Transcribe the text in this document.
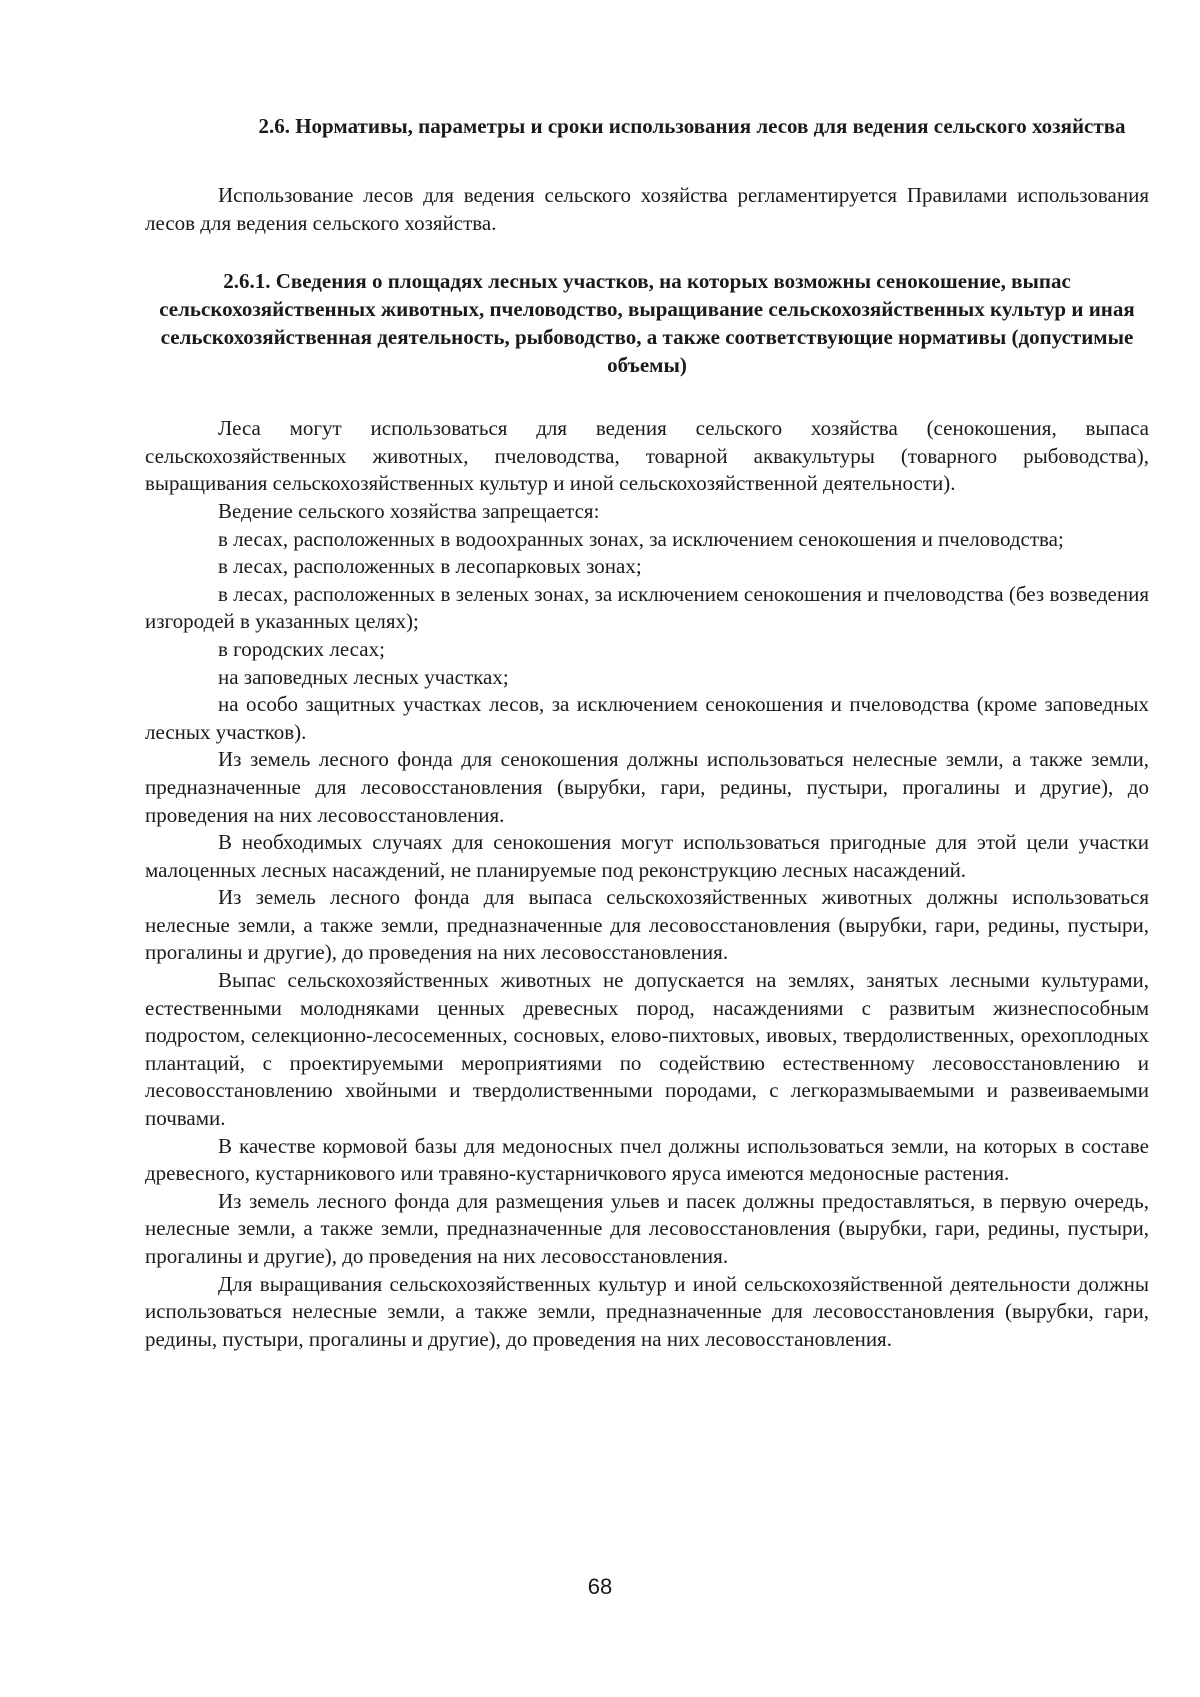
2.6. Нормативы, параметры и сроки использования лесов для ведения сельского хозяйства

Использование лесов для ведения сельского хозяйства регламентируется Правилами использования лесов для ведения сельского хозяйства.

2.6.1. Сведения о площадях лесных участков, на которых возможны сенокошение, выпас сельскохозяйственных животных, пчеловодство, выращивание сельскохозяйственных культур и иная сельскохозяйственная деятельность, рыбоводство, а также соответствующие нормативы (допустимые объемы)

Леса могут использоваться для ведения сельского хозяйства (сенокошения, выпаса сельскохозяйственных животных, пчеловодства, товарной аквакультуры (товарного рыбоводства), выращивания сельскохозяйственных культур и иной сельскохозяйственной деятельности).

Ведение сельского хозяйства запрещается:

в лесах, расположенных в водоохранных зонах, за исключением сенокошения и пчеловодства;

в лесах, расположенных в лесопарковых зонах;

в лесах, расположенных в зеленых зонах, за исключением сенокошения и пчеловодства (без возведения изгородей в указанных целях);

в городских лесах;

на заповедных лесных участках;

на особо защитных участках лесов, за исключением сенокошения и пчеловодства (кроме заповедных лесных участков).

Из земель лесного фонда для сенокошения должны использоваться нелесные земли, а также земли, предназначенные для лесовосстановления (вырубки, гари, редины, пустыри, прогалины и другие), до проведения на них лесовосстановления.

В необходимых случаях для сенокошения могут использоваться пригодные для этой цели участки малоценных лесных насаждений, не планируемые под реконструкцию лесных насаждений.

Из земель лесного фонда для выпаса сельскохозяйственных животных должны использоваться нелесные земли, а также земли, предназначенные для лесовосстановления (вырубки, гари, редины, пустыри, прогалины и другие), до проведения на них лесовосстановления.

Выпас сельскохозяйственных животных не допускается на землях, занятых лесными культурами, естественными молодняками ценных древесных пород, насаждениями с развитым жизнеспособным подростом, селекционно-лесосеменных, сосновых, елово-пихтовых, ивовых, твердолиственных, орехоплодных плантаций, с проектируемыми мероприятиями по содействию естественному лесовосстановлению и лесовосстановлению хвойными и твердолиственными породами, с легкоразмываемыми и развеиваемыми почвами.

В качестве кормовой базы для медоносных пчел должны использоваться земли, на которых в составе древесного, кустарникового или травяно-кустарничкового яруса имеются медоносные растения.

Из земель лесного фонда для размещения ульев и пасек должны предоставляться, в первую очередь, нелесные земли, а также земли, предназначенные для лесовосстановления (вырубки, гари, редины, пустыри, прогалины и другие), до проведения на них лесовосстановления.

Для выращивания сельскохозяйственных культур и иной сельскохозяйственной деятельности должны использоваться нелесные земли, а также земли, предназначенные для лесовосстановления (вырубки, гари, редины, пустыри, прогалины и другие), до проведения на них лесовосстановления.

68
